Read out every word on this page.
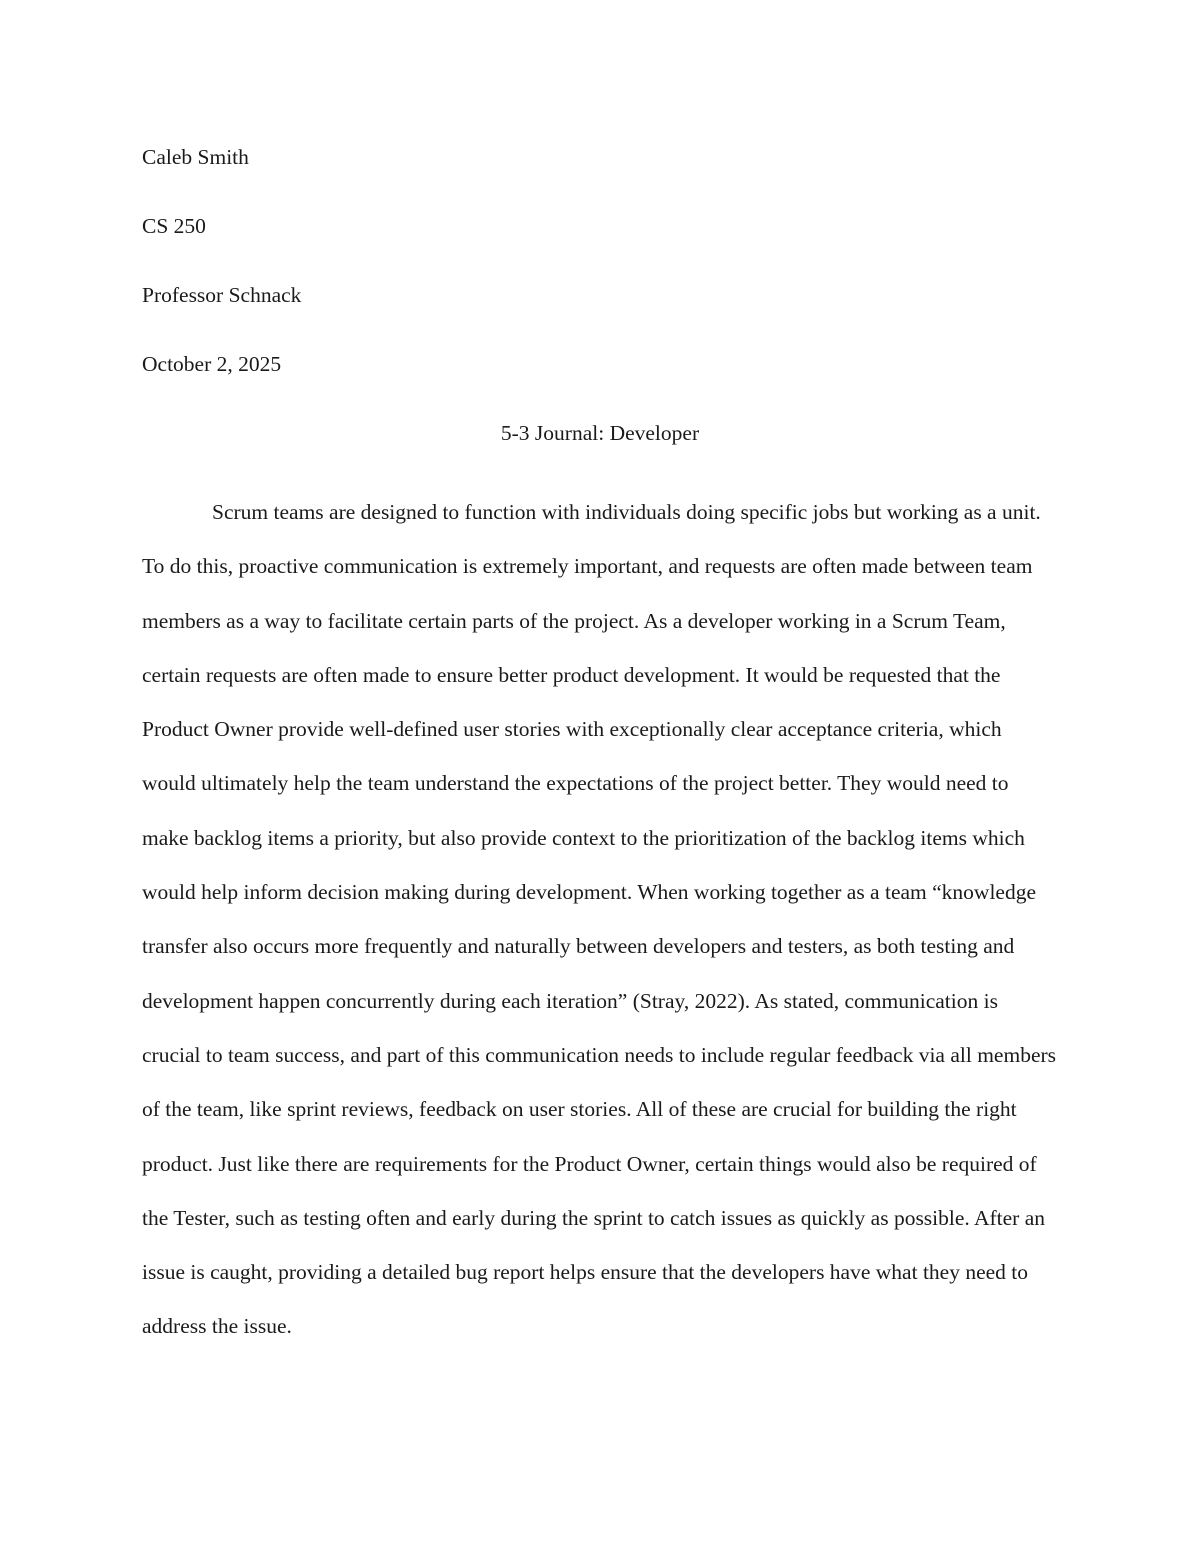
Caleb Smith
CS 250
Professor Schnack
October 2, 2025
5-3 Journal: Developer

Scrum teams are designed to function with individuals doing specific jobs but working as a unit. To do this, proactive communication is extremely important, and requests are often made between team members as a way to facilitate certain parts of the project. As a developer working in a Scrum Team, certain requests are often made to ensure better product development. It would be requested that the Product Owner provide well-defined user stories with exceptionally clear acceptance criteria, which would ultimately help the team understand the expectations of the project better. They would need to make backlog items a priority, but also provide context to the prioritization of the backlog items which would help inform decision making during development. When working together as a team “knowledge transfer also occurs more frequently and naturally between developers and testers, as both testing and development happen concurrently during each iteration” (Stray, 2022). As stated, communication is crucial to team success, and part of this communication needs to include regular feedback via all members of the team, like sprint reviews, feedback on user stories. All of these are crucial for building the right product. Just like there are requirements for the Product Owner, certain things would also be required of the Tester, such as testing often and early during the sprint to catch issues as quickly as possible. After an issue is caught, providing a detailed bug report helps ensure that the developers have what they need to address the issue.
